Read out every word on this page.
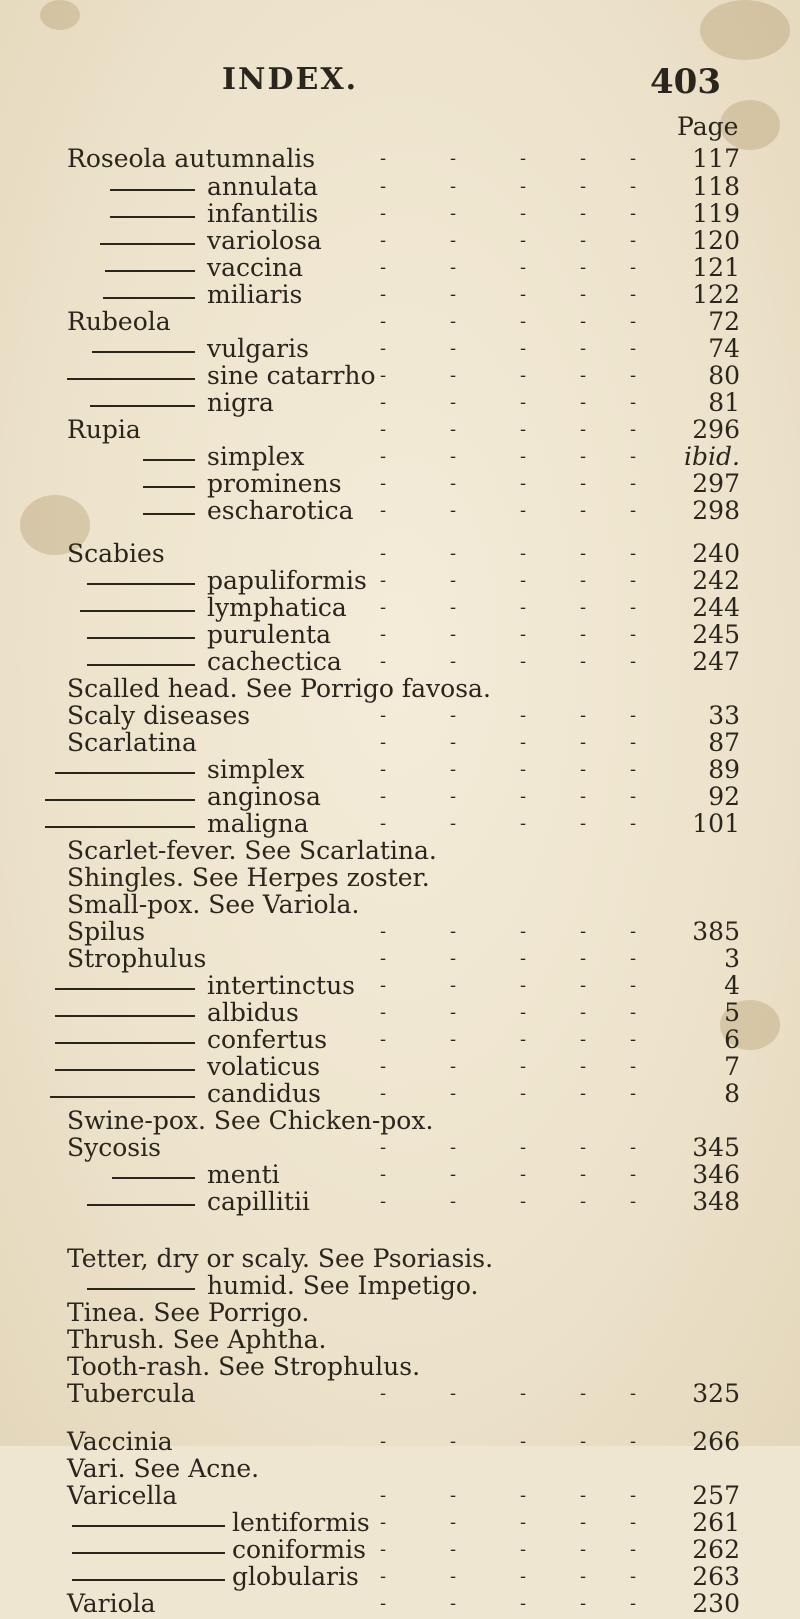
INDEX.	403
Page
Roseola autumnalis	-	-	-	- -	117
annulata	-	-	-	- -	118
infantilis	-	-	-	- -	119
variolosa	-	-	-	- -	120
vaccina	-	-	-	- -	121
miliaris	-	-	-	- -	122
Rubeola	-	-	-	- -	72
vulgaris	-	-	-	- -	74
sine catarrho -	-	-	- -	80
nigra	-	-	-	- -	81
Rupia	-	-	-	- -	296
simplex	-	-	-	- -	ibid.
prominens -	-	-	- -	297
escharotica -	-	-	- -	298
Scabies	-	-	-	- -	240
papuliformis -	-	-	- -	242
lymphatica -	-	-	- -	244
purulenta	-	-	-	- -	245
cachectica -	-	-	- -	247
Scalled head. See Porrigo favosa.
Scaly diseases	-	-	-	- -	33
Scarlatina	-	-	-	- -	87
simplex	-	-	-	- -	89
anginosa	-	-	-	- -	92
maligna	-	-	-	- -	101
Scarlet-fever. See Scarlatina.
Shingles. See Herpes zoster.
Small-pox. See Variola.
Spilus	-	-	-	- -	385
Strophulus	-	-	-	- -	3
intertinctus -	-	-	- -	4
albidus	-	-	-	- -	5
confertus	-	-	-	- -	6
volaticus	-	-	-	- -	7
candidus	-	-	-	- -	8
Swine-pox. See Chicken-pox.
Sycosis	-	-	-	- -	345
menti	-	-	-	- -	346
capillitii	-	-	-	- -	348
Tetter, dry or scaly. See Psoriasis.
humid. See Impetigo.
Tinea. See Porrigo.
Thrush. See Aphtha.
Tooth-rash. See Strophulus.
Tubercula	-	-	-	- -	325
Vaccinia	-	-	-	- -	266
Vari. See Acne.
Varicella	-	-	-	- -	257
lentiformis -	-	-	- -	261
coniformis -	-	-	- -	262
globularis -	-	-	- -	263
Variola	-	-	-	- -	230
